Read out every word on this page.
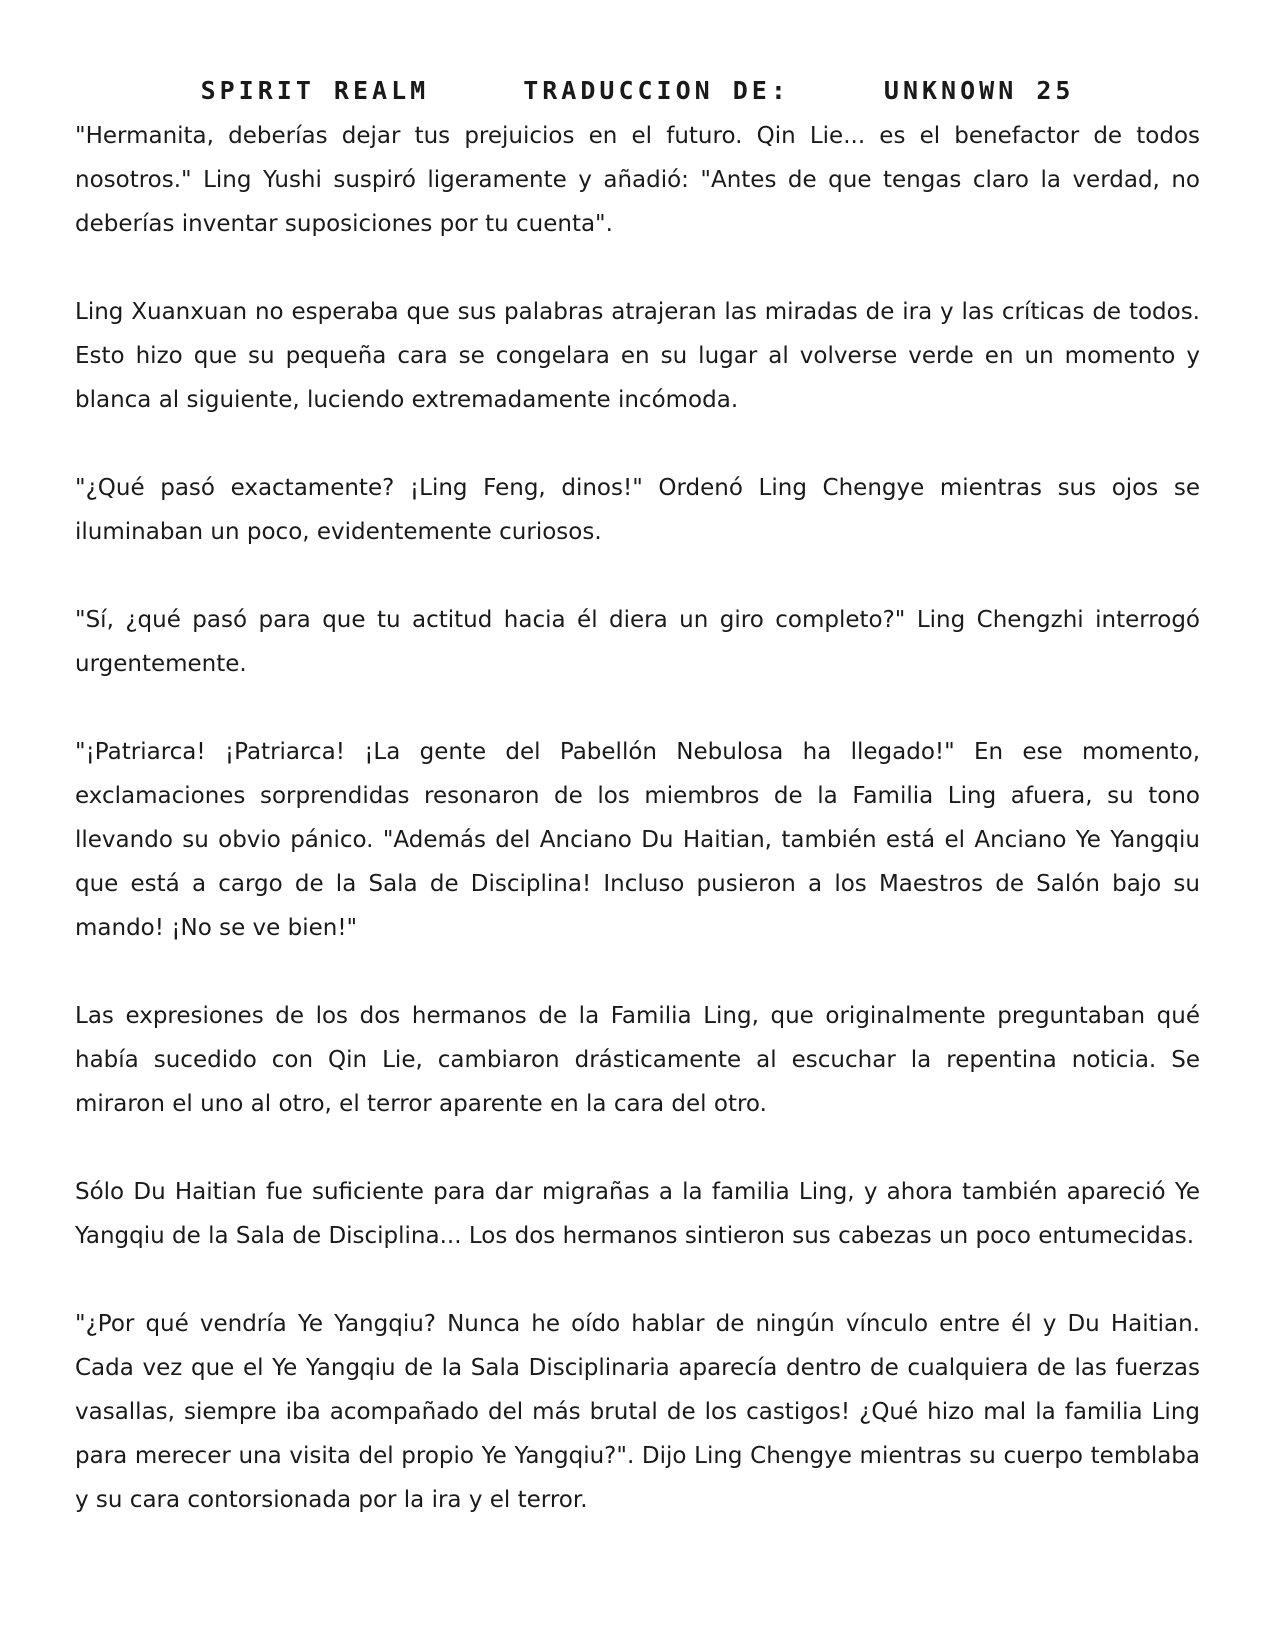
SPIRIT REALM	TRADUCCION DE:	UNKNOWN 25

"Hermanita, deberías dejar tus prejuicios en el futuro. Qin Lie... es el benefactor de todos nosotros." Ling Yushi suspiró ligeramente y añadió: "Antes de que tengas claro la verdad, no deberías inventar suposiciones por tu cuenta".

Ling Xuanxuan no esperaba que sus palabras atrajeran las miradas de ira y las críticas de todos. Esto hizo que su pequeña cara se congelara en su lugar al volverse verde en un momento y blanca al siguiente, luciendo extremadamente incómoda.

"¿Qué pasó exactamente? ¡Ling Feng, dinos!" Ordenó Ling Chengye mientras sus ojos se iluminaban un poco, evidentemente curiosos.

"Sí, ¿qué pasó para que tu actitud hacia él diera un giro completo?" Ling Chengzhi interrogó urgentemente.

"¡Patriarca! ¡Patriarca! ¡La gente del Pabellón Nebulosa ha llegado!" En ese momento, exclamaciones sorprendidas resonaron de los miembros de la Familia Ling afuera, su tono llevando su obvio pánico. "Además del Anciano Du Haitian, también está el Anciano Ye Yangqiu que está a cargo de la Sala de Disciplina! Incluso pusieron a los Maestros de Salón bajo su mando! ¡No se ve bien!"

Las expresiones de los dos hermanos de la Familia Ling, que originalmente preguntaban qué había sucedido con Qin Lie, cambiaron drásticamente al escuchar la repentina noticia. Se miraron el uno al otro, el terror aparente en la cara del otro.

Sólo Du Haitian fue suficiente para dar migrañas a la familia Ling, y ahora también apareció Ye Yangqiu de la Sala de Disciplina... Los dos hermanos sintieron sus cabezas un poco entumecidas.

"¿Por qué vendría Ye Yangqiu? Nunca he oído hablar de ningún vínculo entre él y Du Haitian. Cada vez que el Ye Yangqiu de la Sala Disciplinaria aparecía dentro de cualquiera de las fuerzas vasallas, siempre iba acompañado del más brutal de los castigos! ¿Qué hizo mal la familia Ling para merecer una visita del propio Ye Yangqiu?". Dijo Ling Chengye mientras su cuerpo temblaba y su cara contorsionada por la ira y el terror.
